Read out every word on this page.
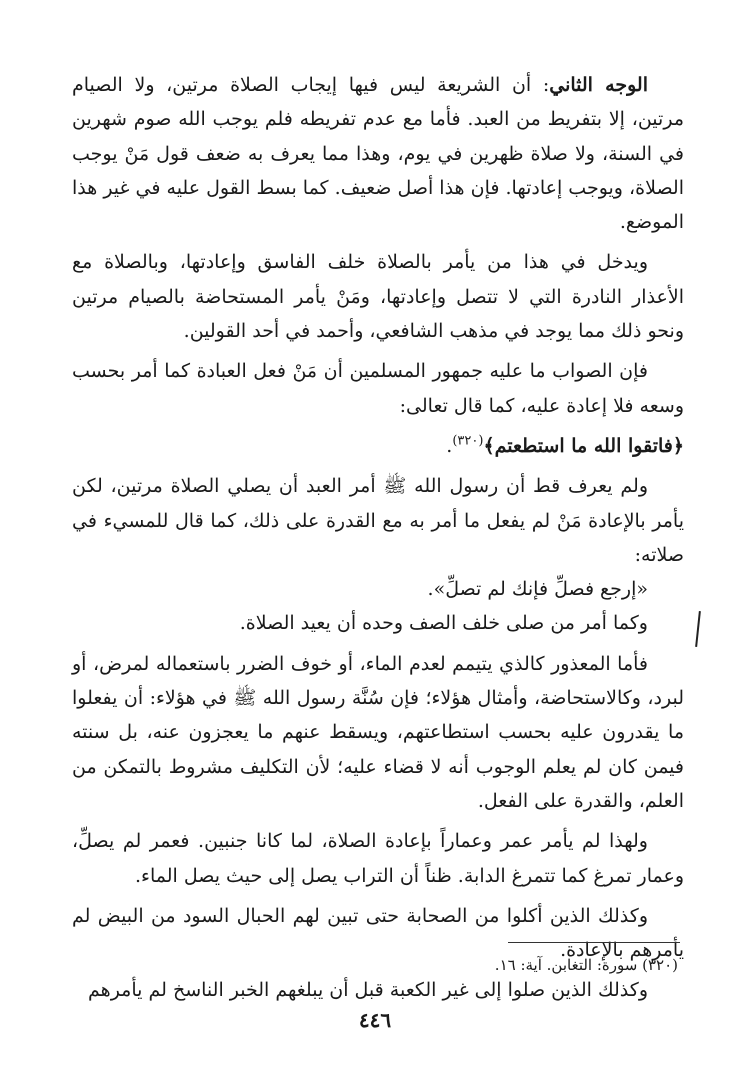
الوجه الثاني: أن الشريعة ليس فيها إيجاب الصلاة مرتين، ولا الصيام مرتين، إلا بتفريط من العبد. فأما مع عدم تفريطه فلم يوجب الله صوم شهرين في السنة، ولا صلاة ظهرين في يوم، وهذا مما يعرف به ضعف قول مَنْ يوجب الصلاة، ويوجب إعادتها. فإن هذا أصل ضعيف. كما بسط القول عليه في غير هذا الموضع.

ويدخل في هذا من يأمر بالصلاة خلف الفاسق وإعادتها، وبالصلاة مع الأعذار النادرة التي لا تتصل وإعادتها، ومَنْ يأمر المستحاضة بالصيام مرتين ونحو ذلك مما يوجد في مذهب الشافعي، وأحمد في أحد القولين.

فإن الصواب ما عليه جمهور المسلمين أن مَنْ فعل العبادة كما أمر بحسب وسعه فلا إعادة عليه، كما قال تعالى:

﴿فاتقوا الله ما استطعتم﴾$^{(٣٢٠)}$.

ولم يعرف قط أن رسول الله ﷺ أمر العبد أن يصلي الصلاة مرتين، لكن يأمر بالإعادة مَنْ لم يفعل ما أمر به مع القدرة على ذلك، كما قال للمسيء في صلاته:

«إرجع فصلِّ فإنك لم تصلِّ».

وكما أمر من صلى خلف الصف وحده أن يعيد الصلاة.

فأما المعذور كالذي يتيمم لعدم الماء، أو خوف الضرر باستعماله لمرض، أو لبرد، وكالاستحاضة، وأمثال هؤلاء؛ فإن سُنَّة رسول الله ﷺ في هؤلاء: أن يفعلوا ما يقدرون عليه بحسب استطاعتهم، ويسقط عنهم ما يعجزون عنه، بل سنته فيمن كان لم يعلم الوجوب أنه لا قضاء عليه؛ لأن التكليف مشروط بالتمكن من العلم، والقدرة على الفعل.

ولهذا لم يأمر عمر وعماراً بإعادة الصلاة، لما كانا جنبين. فعمر لم يصلِّ، وعمار تمرغ كما تتمرغ الدابة. ظناً أن التراب يصل إلى حيث يصل الماء.

وكذلك الذين أكلوا من الصحابة حتى تبين لهم الحبال السود من البيض لم يأمرهم بالإعادة.

وكذلك الذين صلوا إلى غير الكعبة قبل أن يبلغهم الخبر الناسخ لم يأمرهم

(٣٢٠) سورة: التغابن. آية: ١٦.
٤٤٦
